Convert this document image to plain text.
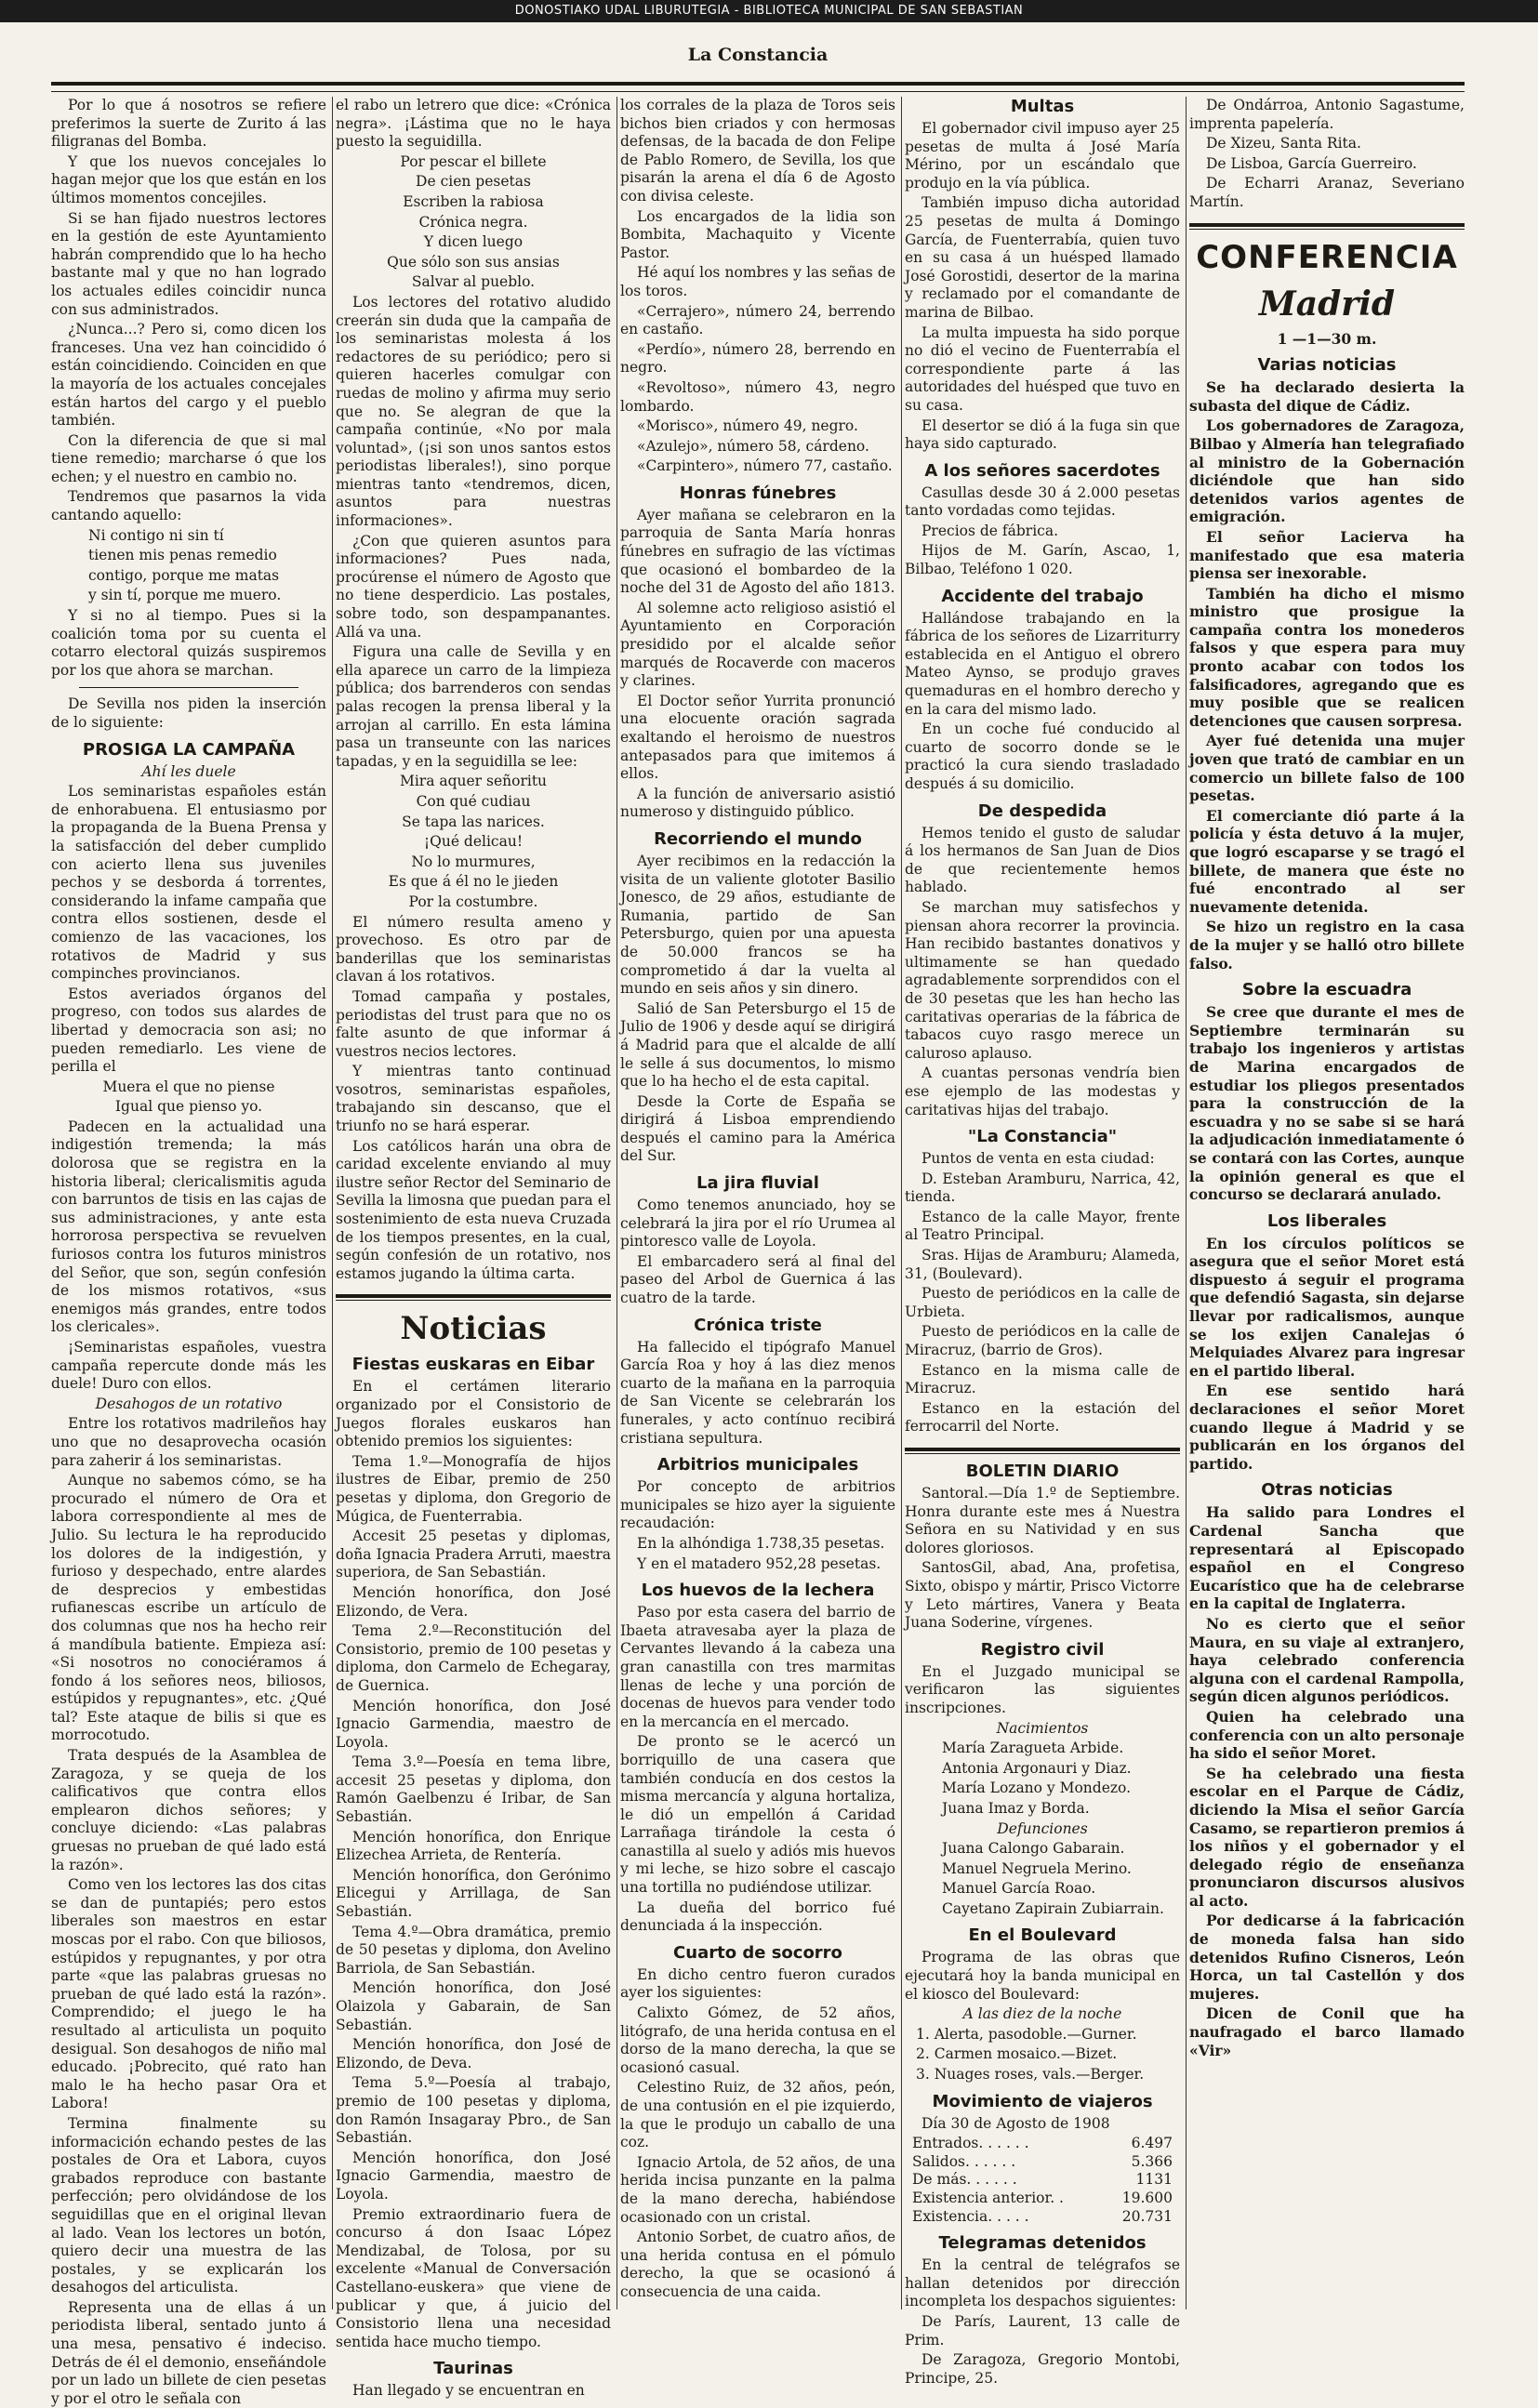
DONOSTIAKO UDAL LIBURUTEGIA - BIBLIOTECA MUNICIPAL DE SAN SEBASTIAN
La Constancia

Por lo que á nosotros se refiere preferimos la suerte de Zurito á las filigranas del Bomba.

Y que los nuevos concejales lo hagan mejor que los que están en los últimos momentos concejiles.

Si se han fijado nuestros lectores en la gestión de este Ayuntamiento habrán comprendido que lo ha hecho bastante mal y que no han logrado los actuales ediles coincidir nunca con sus administrados.

¿Nunca...? Pero si, como dicen los franceses. Una vez han coincidido ó están coincidiendo. Coinciden en que la mayoría de los actuales concejales están hartos del cargo y el pueblo también.

Con la diferencia de que si mal tiene remedio; marcharse ó que los echen; y el nuestro en cambio no.

Tendremos que pasarnos la vida cantando aquello:

Ni contigo ni sin tí

tienen mis penas remedio

contigo, porque me matas

y sin tí, porque me muero.

Y si no al tiempo. Pues si la coalición toma por su cuenta el cotarro electoral quizás suspiremos por los que ahora se marchan.

De Sevilla nos piden la inserción de lo siguiente:

PROSIGA LA CAMPAÑA

Ahí les duele

Los seminaristas españoles están de enhorabuena. El entusiasmo por la propaganda de la Buena Prensa y la satisfacción del deber cumplido con acierto llena sus juveniles pechos y se desborda á torrentes, considerando la infame campaña que contra ellos sostienen, desde el comienzo de las vacaciones, los rotativos de Madrid y sus compinches provincianos.

Estos averiados órganos del progreso, con todos sus alardes de libertad y democracia son asi; no pueden remediarlo. Les viene de perilla el

Muera el que no piense

Igual que pienso yo.

Padecen en la actualidad una indigestión tremenda; la más dolorosa que se registra en la historia liberal; clericalismitis aguda con barruntos de tisis en las cajas de sus administraciones, y ante esta horrorosa perspectiva se revuelven furiosos contra los futuros ministros del Señor, que son, según confesión de los mismos rotativos, «sus enemigos más grandes, entre todos los clericales».

¡Seminaristas españoles, vuestra campaña repercute donde más les duele! Duro con ellos.

Desahogos de un rotativo

Entre los rotativos madrileños hay uno que no desaprovecha ocasión para zaherir á los seminaristas.

Aunque no sabemos cómo, se ha procurado el número de Ora et labora correspondiente al mes de Julio. Su lectura le ha reproducido los dolores de la indigestión, y furioso y despechado, entre alardes de desprecios y embestidas rufianescas escribe un artículo de dos columnas que nos ha hecho reir á mandíbula batiente. Empieza así: «Si nosotros no conociéramos á fondo á los señores neos, biliosos, estúpidos y repugnantes», etc. ¿Qué tal? Este ataque de bilis si que es morrocotudo.

Trata después de la Asamblea de Zaragoza, y se queja de los calificativos que contra ellos emplearon dichos señores; y concluye diciendo: «Las palabras gruesas no prueban de qué lado está la razón».

Como ven los lectores las dos citas se dan de puntapiés; pero estos liberales son maestros en estar moscas por el rabo. Con que biliosos, estúpidos y repugnantes, y por otra parte «que las palabras gruesas no prueban de qué lado está la razón». Comprendido; el juego le ha resultado al articulista un poquito desigual. Son desahogos de niño mal educado. ¡Pobrecito, qué rato han malo le ha hecho pasar Ora et Labora!

Termina finalmente su informacición echando pestes de las postales de Ora et Labora, cuyos grabados reproduce con bastante perfección; pero olvidándose de los seguidillas que en el original llevan al lado. Vean los lectores un botón, quiero decir una muestra de las postales, y se explicarán los desahogos del articulista.

Representa una de ellas á un periodista liberal, sentado junto á una mesa, pensativo é indeciso. Detrás de él el demonio, enseñándole por un lado un billete de cien pesetas y por el otro le señala con

el rabo un letrero que dice: «Crónica negra». ¡Lástima que no le haya puesto la seguidilla.

Por pescar el billete

De cien pesetas

Escriben la rabiosa

Crónica negra.

Y dicen luego

Que sólo son sus ansias

Salvar al pueblo.

Los lectores del rotativo aludido creerán sin duda que la campaña de los seminaristas molesta á los redactores de su periódico; pero si quieren hacerles comulgar con ruedas de molino y afirma muy serio que no. Se alegran de que la campaña continúe, «No por mala voluntad», (¡si son unos santos estos periodistas liberales!), sino porque mientras tanto «tendremos, dicen, asuntos para nuestras informaciones».

¿Con que quieren asuntos para informaciones? Pues nada, procúrense el número de Agosto que no tiene desperdicio. Las postales, sobre todo, son despampanantes. Allá va una.

Figura una calle de Sevilla y en ella aparece un carro de la limpieza pública; dos barrenderos con sendas palas recogen la prensa liberal y la arrojan al carrillo. En esta lámina pasa un transeunte con las narices tapadas, y en la seguidilla se lee:

Mira aquer señoritu

Con qué cudiau

Se tapa las narices.

¡Qué delicau!

No lo murmures,

Es que á él no le jieden

Por la costumbre.

El número resulta ameno y provechoso. Es otro par de banderillas que los seminaristas clavan á los rotativos.

Tomad campaña y postales, periodistas del trust para que no os falte asunto de que informar á vuestros necios lectores.

Y mientras tanto continuad vosotros, seminaristas españoles, trabajando sin descanso, que el triunfo no se hará esperar.

Los católicos harán una obra de caridad excelente enviando al muy ilustre señor Rector del Seminario de Sevilla la limosna que puedan para el sostenimiento de esta nueva Cruzada de los tiempos presentes, en la cual, según confesión de un rotativo, nos estamos jugando la última carta.

Noticias
Fiestas euskaras en Eibar

En el certámen literario organizado por el Consistorio de Juegos florales euskaros han obtenido premios los siguientes:

Tema 1.º—Monografía de hijos ilustres de Eibar, premio de 250 pesetas y diploma, don Gregorio de Múgica, de Fuenterrabia.

Accesit 25 pesetas y diplomas, doña Ignacia Pradera Arruti, maestra superiora, de San Sebastián.

Mención honorífica, don José Elizondo, de Vera.

Tema 2.º—Reconstitución del Consistorio, premio de 100 pesetas y diploma, don Carmelo de Echegaray, de Guernica.

Mención honorífica, don José Ignacio Garmendia, maestro de Loyola.

Tema 3.º—Poesía en tema libre, accesit 25 pesetas y diploma, don Ramón Gaelbenzu é Iribar, de San Sebastián.

Mención honorífica, don Enrique Elizechea Arrieta, de Rentería.

Mención honorífica, don Gerónimo Elicegui y Arrillaga, de San Sebastián.

Tema 4.º—Obra dramática, premio de 50 pesetas y diploma, don Avelino Barriola, de San Sebastián.

Mención honorífica, don José Olaizola y Gabarain, de San Sebastián.

Mención honorífica, don José de Elizondo, de Deva.

Tema 5.º—Poesía al trabajo, premio de 100 pesetas y diploma, don Ramón Insagaray Pbro., de San Sebastián.

Mención honorífica, don José Ignacio Garmendia, maestro de Loyola.

Premio extraordinario fuera de concurso á don Isaac López Mendizabal, de Tolosa, por su excelente «Manual de Conversación Castellano-euskera» que viene de publicar y que, á juicio del Consistorio llena una necesidad sentida hace mucho tiempo.

Taurinas

Han llegado y se encuentran en

los corrales de la plaza de Toros seis bichos bien criados y con hermosas defensas, de la bacada de don Felipe de Pablo Romero, de Sevilla, los que pisarán la arena el día 6 de Agosto con divisa celeste.

Los encargados de la lidia son Bombita, Machaquito y Vicente Pastor.

Hé aquí los nombres y las señas de los toros.

«Cerrajero», número 24, berrendo en castaño.

«Perdío», número 28, berrendo en negro.

«Revoltoso», número 43, negro lombardo.

«Morisco», número 49, negro.

«Azulejo», número 58, cárdeno.

«Carpintero», número 77, castaño.

Honras fúnebres

Ayer mañana se celebraron en la parroquia de Santa María honras fúnebres en sufragio de las víctimas que ocasionó el bombardeo de la noche del 31 de Agosto del año 1813.

Al solemne acto religioso asistió el Ayuntamiento en Corporación presidido por el alcalde señor marqués de Rocaverde con maceros y clarines.

El Doctor señor Yurrita pronunció una elocuente oración sagrada exaltando el heroismo de nuestros antepasados para que imitemos á ellos.

A la función de aniversario asistió numeroso y distinguido público.

Recorriendo el mundo

Ayer recibimos en la redacción la visita de un valiente glototer Basilio Jonesco, de 29 años, estudiante de Rumania, partido de San Petersburgo, quien por una apuesta de 50.000 francos se ha comprometido á dar la vuelta al mundo en seis años y sin dinero.

Salió de San Petersburgo el 15 de Julio de 1906 y desde aquí se dirigirá á Madrid para que el alcalde de allí le selle á sus documentos, lo mismo que lo ha hecho el de esta capital.

Desde la Corte de España se dirigirá á Lisboa emprendiendo después el camino para la América del Sur.

La jira fluvial

Como tenemos anunciado, hoy se celebrará la jira por el río Urumea al pintoresco valle de Loyola.

El embarcadero será al final del paseo del Arbol de Guernica á las cuatro de la tarde.

Crónica triste

Ha fallecido el tipógrafo Manuel García Roa y hoy á las diez menos cuarto de la mañana en la parroquia de San Vicente se celebrarán los funerales, y acto contínuo recibirá cristiana sepultura.

Arbitrios municipales

Por concepto de arbitrios municipales se hizo ayer la siguiente recaudación:

En la alhóndiga 1.738,35 pesetas.

Y en el matadero 952,28 pesetas.

Los huevos de la lechera

Paso por esta casera del barrio de Ibaeta atravesaba ayer la plaza de Cervantes llevando á la cabeza una gran canastilla con tres marmitas llenas de leche y una porción de docenas de huevos para vender todo en la mercancía en el mercado.

De pronto se le acercó un borriquillo de una casera que también conducía en dos cestos la misma mercancía y alguna hortaliza, le dió un empellón á Caridad Larrañaga tirándole la cesta ó canastilla al suelo y adiós mis huevos y mi leche, se hizo sobre el cascajo una tortilla no pudiéndose utilizar.

La dueña del borrico fué denunciada á la inspección.

Cuarto de socorro

En dicho centro fueron curados ayer los siguientes:

Calixto Gómez, de 52 años, litógrafo, de una herida contusa en el dorso de la mano derecha, la que se ocasionó casual.

Celestino Ruiz, de 32 años, peón, de una contusión en el pie izquierdo, la que le produjo un caballo de una coz.

Ignacio Artola, de 52 años, de una herida incisa punzante en la palma de la mano derecha, habiéndose ocasionado con un cristal.

Antonio Sorbet, de cuatro años, de una herida contusa en el pómulo derecho, la que se ocasionó á consecuencia de una caida.

Multas

El gobernador civil impuso ayer 25 pesetas de multa á José María Mérino, por un escándalo que produjo en la vía pública.

También impuso dicha autoridad 25 pesetas de multa á Domingo García, de Fuenterrabía, quien tuvo en su casa á un huésped llamado José Gorostidi, desertor de la marina y reclamado por el comandante de marina de Bilbao.

La multa impuesta ha sido porque no dió el vecino de Fuenterrabía el correspondiente parte á las autoridades del huésped que tuvo en su casa.

El desertor se dió á la fuga sin que haya sido capturado.

A los señores sacerdotes

Casullas desde 30 á 2.000 pesetas tanto vordadas como tejidas.

Precios de fábrica.

Hijos de M. Garín, Ascao, 1, Bilbao, Teléfono 1 020.

Accidente del trabajo

Hallándose trabajando en la fábrica de los señores de Lizarriturry establecida en el Antiguo el obrero Mateo Aynso, se produjo graves quemaduras en el hombro derecho y en la cara del mismo lado.

En un coche fué conducido al cuarto de socorro donde se le practicó la cura siendo trasladado después á su domicilio.

De despedida

Hemos tenido el gusto de saludar á los hermanos de San Juan de Dios de que recientemente hemos hablado.

Se marchan muy satisfechos y piensan ahora recorrer la provincia. Han recibido bastantes donativos y ultimamente se han quedado agradablemente sorprendidos con el de 30 pesetas que les han hecho las caritativas operarias de la fábrica de tabacos cuyo rasgo merece un caluroso aplauso.

A cuantas personas vendría bien ese ejemplo de las modestas y caritativas hijas del trabajo.

"La Constancia"

Puntos de venta en esta ciudad:

D. Esteban Aramburu, Narrica, 42, tienda.

Estanco de la calle Mayor, frente al Teatro Principal.

Sras. Hijas de Aramburu; Alameda, 31, (Boulevard).

Puesto de periódicos en la calle de Urbieta.

Puesto de periódicos en la calle de Miracruz, (barrio de Gros).

Estanco en la misma calle de Miracruz.

Estanco en la estación del ferrocarril del Norte.

BOLETIN DIARIO

Santoral.—Día 1.º de Septiembre. Honra durante este mes á Nuestra Señora en su Natividad y en sus dolores gloriosos.

SantosGil, abad, Ana, profetisa, Sixto, obispo y mártir, Prisco Victorre y Leto mártires, Vanera y Beata Juana Soderine, vírgenes.

Registro civil

En el Juzgado municipal se verificaron las siguientes inscripciones.

Nacimientos

María Zaragueta Arbide.

Antonia Argonauri y Diaz.

María Lozano y Mondezo.

Juana Imaz y Borda.

Defunciones

Juana Calongo Gabarain.

Manuel Negruela Merino.

Manuel García Roao.

Cayetano Zapirain Zubiarrain.

En el Boulevard

Programa de las obras que ejecutará hoy la banda municipal en el kiosco del Boulevard:

A las diez de la noche

1. Alerta, pasodoble.—Gurner.

2. Carmen mosaico.—Bizet.

3. Nuages roses, vals.—Berger.

Movimiento de viajeros

Día 30 de Agosto de 1908

Entrados. . . . . .	6.497
Salidos. . . . . .	5.366
De más. . . . . .	1131
Existencia anterior. .	19.600
Existencia. . . . .	20.731
Telegramas detenidos

En la central de telégrafos se hallan detenidos por dirección incompleta los despachos siguientes:

De París, Laurent, 13 calle de Prim.

De Zaragoza, Gregorio Montobi, Principe, 25.

De Ondárroa, Antonio Sagastume, imprenta papelería.

De Xizeu, Santa Rita.

De Lisboa, García Guerreiro.

De Echarri Aranaz, Severiano Martín.

CONFERENCIA
Madrid

1 —1—30 m.

Varias noticias

Se ha declarado desierta la subasta del dique de Cádiz.

Los gobernadores de Zaragoza, Bilbao y Almería han telegrafiado al ministro de la Gobernación diciéndole que han sido detenidos varios agentes de emigración.

El señor Lacierva ha manifestado que esa materia piensa ser inexorable.

También ha dicho el mismo ministro que prosigue la campaña contra los monederos falsos y que espera para muy pronto acabar con todos los falsificadores, agregando que es muy posible que se realicen detenciones que causen sorpresa.

Ayer fué detenida una mujer joven que trató de cambiar en un comercio un billete falso de 100 pesetas.

El comerciante dió parte á la policía y ésta detuvo á la mujer, que logró escaparse y se tragó el billete, de manera que éste no fué encontrado al ser nuevamente detenida.

Se hizo un registro en la casa de la mujer y se halló otro billete falso.

Sobre la escuadra

Se cree que durante el mes de Septiembre terminarán su trabajo los ingenieros y artistas de Marina encargados de estudiar los pliegos presentados para la construcción de la escuadra y no se sabe si se hará la adjudicación inmediatamente ó se contará con las Cortes, aunque la opinión general es que el concurso se declarará anulado.

Los liberales

En los círculos políticos se asegura que el señor Moret está dispuesto á seguir el programa que defendió Sagasta, sin dejarse llevar por radicalismos, aunque se los exijen Canalejas ó Melquiades Alvarez para ingresar en el partido liberal.

En ese sentido hará declaraciones el señor Moret cuando llegue á Madrid y se publicarán en los órganos del partido.

Otras noticias

Ha salido para Londres el Cardenal Sancha que representará al Episcopado español en el Congreso Eucarístico que ha de celebrarse en la capital de Inglaterra.

No es cierto que el señor Maura, en su viaje al extranjero, haya celebrado conferencia alguna con el cardenal Rampolla, según dicen algunos periódicos.

Quien ha celebrado una conferencia con un alto personaje ha sido el señor Moret.

Se ha celebrado una fiesta escolar en el Parque de Cádiz, diciendo la Misa el señor García Casamo, se repartieron premios á los niños y el gobernador y el delegado régio de enseñanza pronunciaron discursos alusivos al acto.

Por dedicarse á la fabricación de moneda falsa han sido detenidos Rufino Cisneros, León Horca, un tal Castellón y dos mujeres.

Dicen de Conil que ha naufragado el barco llamado «Vir»
